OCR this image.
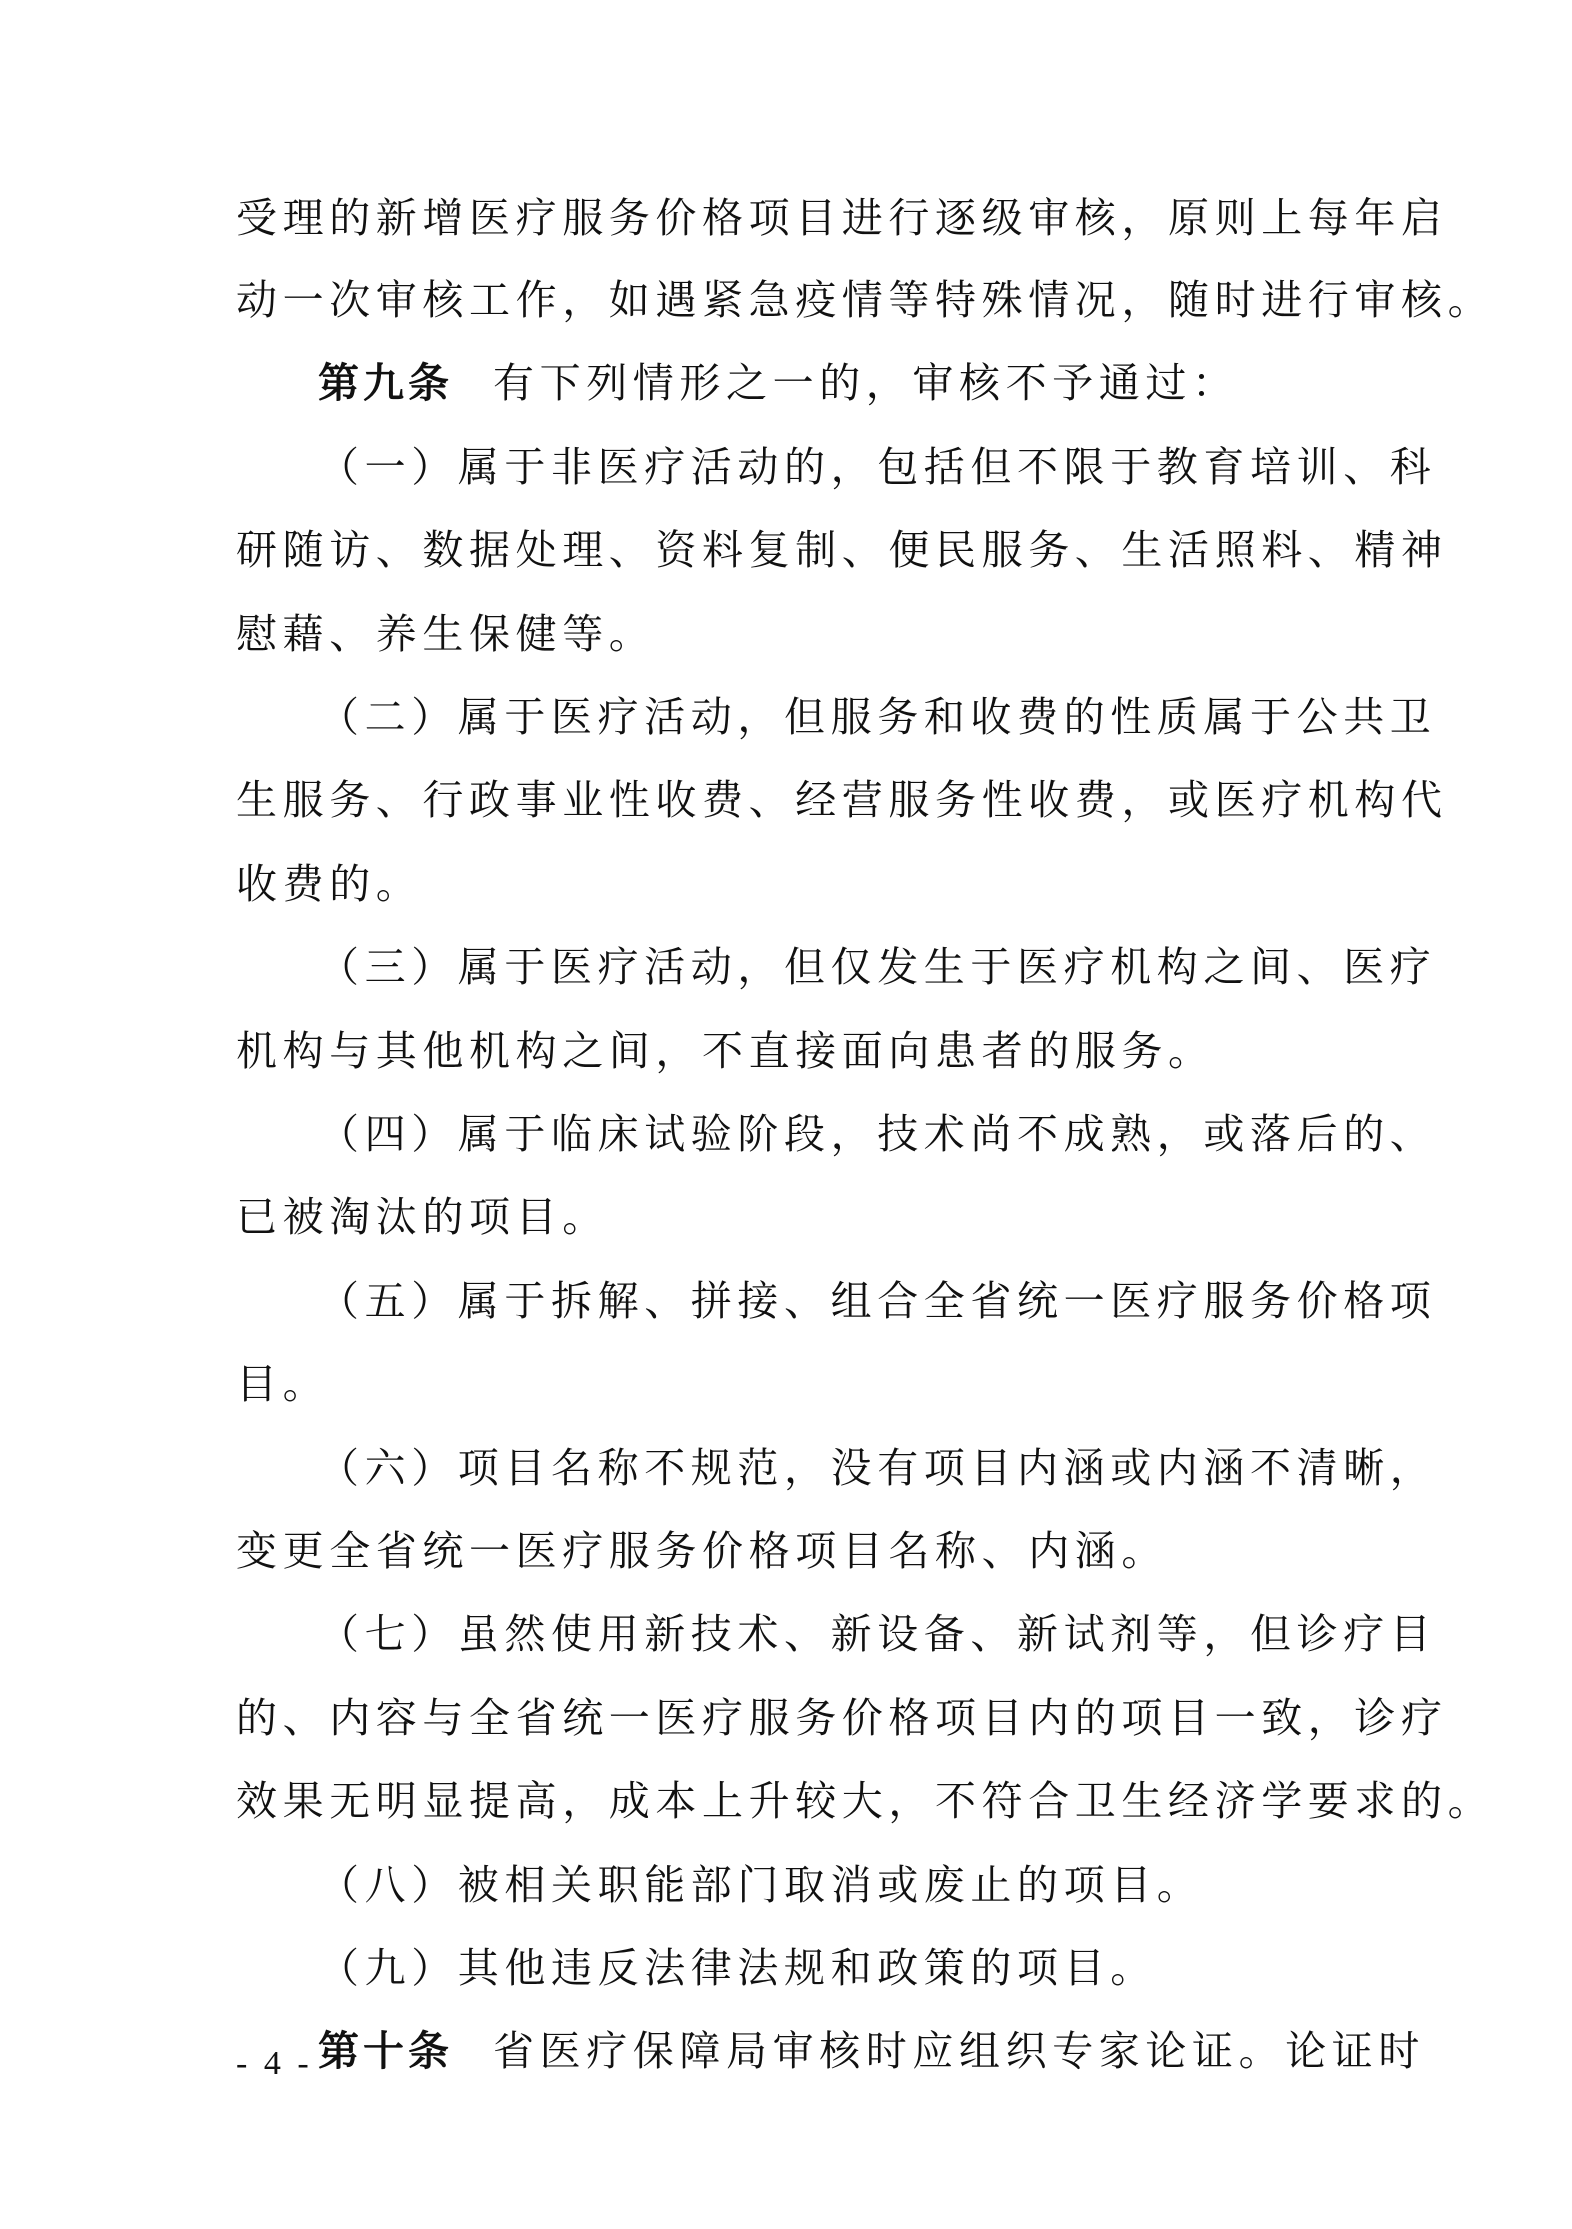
受理的新增医疗服务价格项目进行逐级审核，原则上每年启
动一次审核工作，如遇紧急疫情等特殊情况，随时进行审核。
第九条 有下列情形之一的，审核不予通过：
（一）属于非医疗活动的，包括但不限于教育培训、科
研随访、数据处理、资料复制、便民服务、生活照料、精神
慰藉、养生保健等。
（二）属于医疗活动，但服务和收费的性质属于公共卫
生服务、行政事业性收费、经营服务性收费，或医疗机构代
收费的。
（三）属于医疗活动，但仅发生于医疗机构之间、医疗
机构与其他机构之间，不直接面向患者的服务。
（四）属于临床试验阶段，技术尚不成熟，或落后的、
已被淘汰的项目。
（五）属于拆解、拼接、组合全省统一医疗服务价格项
目。
（六）项目名称不规范，没有项目内涵或内涵不清晰，
变更全省统一医疗服务价格项目名称、内涵。
（七）虽然使用新技术、新设备、新试剂等，但诊疗目
的、内容与全省统一医疗服务价格项目内的项目一致，诊疗
效果无明显提高，成本上升较大，不符合卫生经济学要求的。
（八）被相关职能部门取消或废止的项目。
（九）其他违反法律法规和政策的项目。
第十条 省医疗保障局审核时应组织专家论证。论证时
- 4 -
